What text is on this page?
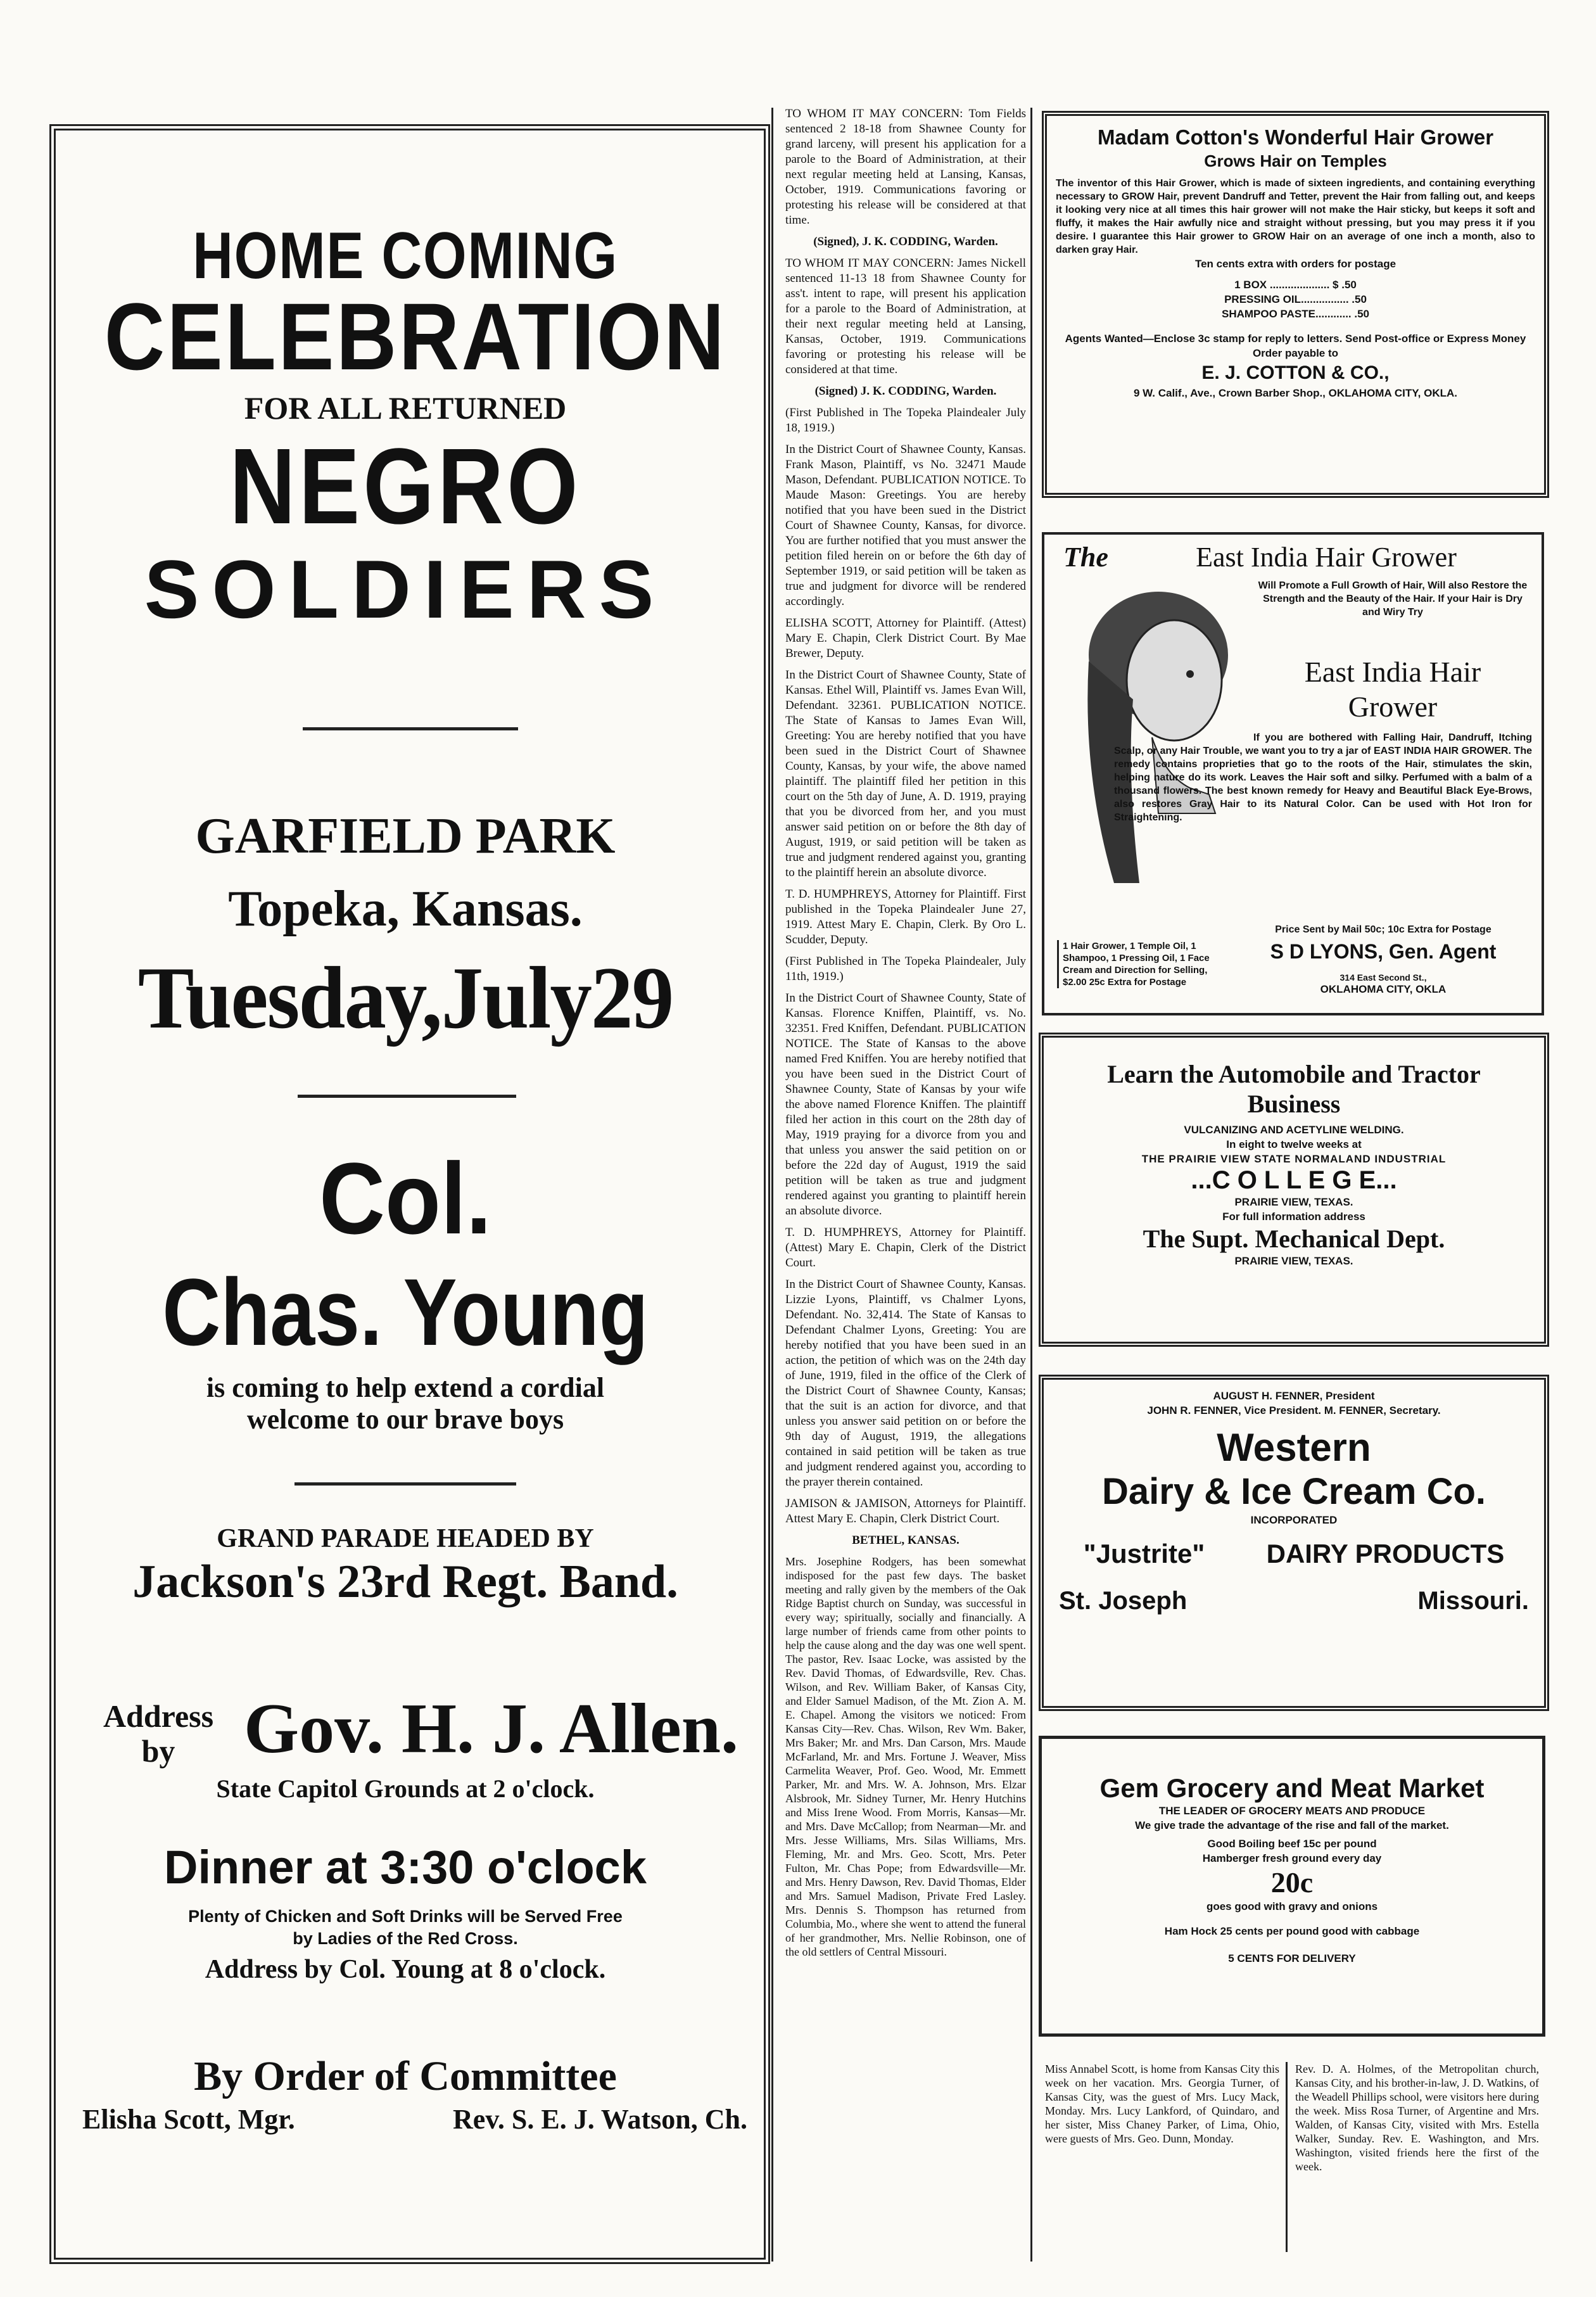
HOME COMING
CELEBRATION
FOR ALL RETURNED
NEGRO
SOLDIERS
GARFIELD PARK
Topeka, Kansas.
Tuesday,July29
Col.
Chas. Young
is coming to help extend a cordial
welcome to our brave boys
GRAND PARADE HEADED BY
Jackson's 23rd Regt. Band.
Address
by Gov. H. J. Allen.
State Capitol Grounds at 2 o'clock.
Dinner at 3:30 o'clock
Plenty of Chicken and Soft Drinks will be Served Free
by Ladies of the Red Cross.
Address by Col. Young at 8 o'clock.
By Order of Committee
Elisha Scott, Mgr.	Rev. S. E. J. Watson, Ch.

TO WHOM IT MAY CONCERN: Tom Fields sentenced 2 18-18 from Shawnee County for grand larceny, will present his application for a parole to the Board of Administration, at their next regular meeting held at Lansing, Kansas, October, 1919. Communications favoring or protesting his release will be considered at that time.

(Signed), J. K. CODDING, Warden.

TO WHOM IT MAY CONCERN: James Nickell sentenced 11-13 18 from Shawnee County for ass't. intent to rape, will present his application for a parole to the Board of Administration, at their next regular meeting held at Lansing, Kansas, October, 1919. Communications favoring or protesting his release will be considered at that time.

(Signed) J. K. CODDING, Warden.

(First Published in The Topeka Plaindealer July 18, 1919.)

In the District Court of Shawnee County, Kansas. Frank Mason, Plaintiff, vs No. 32471 Maude Mason, Defendant. PUBLICATION NOTICE. To Maude Mason: Greetings. You are hereby notified that you have been sued in the District Court of Shawnee County, Kansas, for divorce. You are further notified that you must answer the petition filed herein on or before the 6th day of September 1919, or said petition will be taken as true and judgment for divorce will be rendered accordingly.

ELISHA SCOTT, Attorney for Plaintiff. (Attest) Mary E. Chapin, Clerk District Court. By Mae Brewer, Deputy.

In the District Court of Shawnee County, State of Kansas. Ethel Will, Plaintiff vs. James Evan Will, Defendant. 32361. PUBLICATION NOTICE. The State of Kansas to James Evan Will, Greeting: You are hereby notified that you have been sued in the District Court of Shawnee County, Kansas, by your wife, the above named plaintiff. The plaintiff filed her petition in this court on the 5th day of June, A. D. 1919, praying that you be divorced from her, and you must answer said petition on or before the 8th day of August, 1919, or said petition will be taken as true and judgment rendered against you, granting to the plaintiff herein an absolute divorce.

T. D. HUMPHREYS, Attorney for Plaintiff. First published in the Topeka Plaindealer June 27, 1919. Attest Mary E. Chapin, Clerk. By Oro L. Scudder, Deputy.

(First Published in The Topeka Plaindealer, July 11th, 1919.)

In the District Court of Shawnee County, State of Kansas. Florence Kniffen, Plaintiff, vs. No. 32351. Fred Kniffen, Defendant. PUBLICATION NOTICE. The State of Kansas to the above named Fred Kniffen. You are hereby notified that you have been sued in the District Court of Shawnee County, State of Kansas by your wife the above named Florence Kniffen. The plaintiff filed her action in this court on the 28th day of May, 1919 praying for a divorce from you and that unless you answer the said petition on or before the 22d day of August, 1919 the said petition will be taken as true and judgment rendered against you granting to plaintiff herein an absolute divorce.

T. D. HUMPHREYS, Attorney for Plaintiff. (Attest) Mary E. Chapin, Clerk of the District Court.

In the District Court of Shawnee County, Kansas. Lizzie Lyons, Plaintiff, vs Chalmer Lyons, Defendant. No. 32,414. The State of Kansas to Defendant Chalmer Lyons, Greeting: You are hereby notified that you have been sued in an action, the petition of which was on the 24th day of June, 1919, filed in the office of the Clerk of the District Court of Shawnee County, Kansas; that the suit is an action for divorce, and that unless you answer said petition on or before the 9th day of August, 1919, the allegations contained in said petition will be taken as true and judgment rendered against you, according to the prayer therein contained.

JAMISON & JAMISON, Attorneys for Plaintiff. Attest Mary E. Chapin, Clerk District Court.

BETHEL, KANSAS.

Mrs. Josephine Rodgers, has been somewhat indisposed for the past few days. The basket meeting and rally given by the members of the Oak Ridge Baptist church on Sunday, was successful in every way; spiritually, socially and financially. A large number of friends came from other points to help the cause along and the day was one well spent. The pastor, Rev. Isaac Locke, was assisted by the Rev. David Thomas, of Edwardsville, Rev. Chas. Wilson, and Rev. William Baker, of Kansas City, and Elder Samuel Madison, of the Mt. Zion A. M. E. Chapel. Among the visitors we noticed: From Kansas City—Rev. Chas. Wilson, Rev Wm. Baker, Mrs Baker; Mr. and Mrs. Dan Carson, Mrs. Maude McFarland, Mr. and Mrs. Fortune J. Weaver, Miss Carmelita Weaver, Prof. Geo. Wood, Mr. Emmett Parker, Mr. and Mrs. W. A. Johnson, Mrs. Elzar Alsbrook, Mr. Sidney Turner, Mr. Henry Hutchins and Miss Irene Wood. From Morris, Kansas—Mr. and Mrs. Dave McCallop; from Nearman—Mr. and Mrs. Jesse Williams, Mrs. Silas Williams, Mrs. Fleming, Mr. and Mrs. Geo. Scott, Mrs. Peter Fulton, Mr. Chas Pope; from Edwardsville—Mr. and Mrs. Henry Dawson, Rev. David Thomas, Elder and Mrs. Samuel Madison, Private Fred Lasley. Mrs. Dennis S. Thompson has returned from Columbia, Mo., where she went to attend the funeral of her grandmother, Mrs. Nellie Robinson, one of the old settlers of Central Missouri.

Madam Cotton's Wonderful Hair Grower
Grows Hair on Temples
The inventor of this Hair Grower, which is made of sixteen ingredients, and containing everything necessary to GROW Hair, prevent Dandruff and Tetter, prevent the Hair from falling out, and keeps it looking very nice at all times this hair grower will not make the Hair sticky, but keeps it soft and fluffy, it makes the Hair awfully nice and straight without pressing, but you may press it if you desire. I guarantee this Hair grower to GROW Hair on an average of one inch a month, also to darken gray Hair.
Ten cents extra with orders for postage
1 BOX .................... $ .50
PRESSING OIL................ .50
SHAMPOO PASTE............ .50
Agents Wanted—Enclose 3c stamp for reply to letters. Send Post-office or Express Money Order payable to
E. J. COTTON & CO.,
9 W. Calif., Ave., Crown Barber Shop., OKLAHOMA CITY, OKLA.
The	East India Hair Grower
Will Promote a Full Growth of Hair, Will also Restore the Strength and the Beauty of the Hair. If your Hair is Dry and Wiry Try
East India Hair
Grower
If you are bothered with Falling Hair, Dandruff, Itching Scalp, or any Hair Trouble, we want you to try a jar of EAST INDIA HAIR GROWER. The remedy contains proprieties that go to the roots of the Hair, stimulates the skin, helping nature do its work. Leaves the Hair soft and silky. Perfumed with a balm of a thousand flowers. The best known remedy for Heavy and Beautiful Black Eye-Brows, also restores Gray Hair to its Natural Color. Can be used with Hot Iron for Straightening.
Price Sent by Mail 50c; 10c Extra for Postage
1 Hair Grower, 1 Temple Oil, 1 Shampoo, 1 Pressing Oil, 1 Face Cream and Direction for Selling, $2.00 25c Extra for Postage
S D LYONS, Gen. Agent
314 East Second St.,
OKLAHOMA CITY, OKLA
Learn the Automobile and Tractor
Business
VULCANIZING AND ACETYLINE WELDING.
In eight to twelve weeks at
THE PRAIRIE VIEW STATE NORMALAND INDUSTRIAL
...C O L L E G E...
PRAIRIE VIEW, TEXAS.
For full information address
The Supt. Mechanical Dept.
PRAIRIE VIEW, TEXAS.
AUGUST H. FENNER, President
JOHN R. FENNER, Vice President. M. FENNER, Secretary.
Western
Dairy & Ice Cream Co.
INCORPORATED
"Justrite" DAIRY PRODUCTS
St. Joseph	Missouri.
Gem Grocery and Meat Market
THE LEADER OF GROCERY MEATS AND PRODUCE
We give trade the advantage of the rise and fall of the market.
Good Boiling beef 15c per pound
Hamberger fresh ground every day
20c
goes good with gravy and onions
Ham Hock 25 cents per pound good with cabbage
5 CENTS FOR DELIVERY
Miss Annabel Scott, is home from Kansas City this week on her vacation. Mrs. Georgia Turner, of Kansas City, was the guest of Mrs. Lucy Mack, Monday. Mrs. Lucy Lankford, of Quindaro, and her sister, Miss Chaney Parker, of Lima, Ohio, were guests of Mrs. Geo. Dunn, Monday.
Rev. D. A. Holmes, of the Metropolitan church, Kansas City, and his brother-in-law, J. D. Watkins, of the Weadell Phillips school, were visitors here during the week. Miss Rosa Turner, of Argentine and Mrs. Walden, of Kansas City, visited with Mrs. Estella Walker, Sunday. Rev. E. Washington, and Mrs. Washington, visited friends here the first of the week.
